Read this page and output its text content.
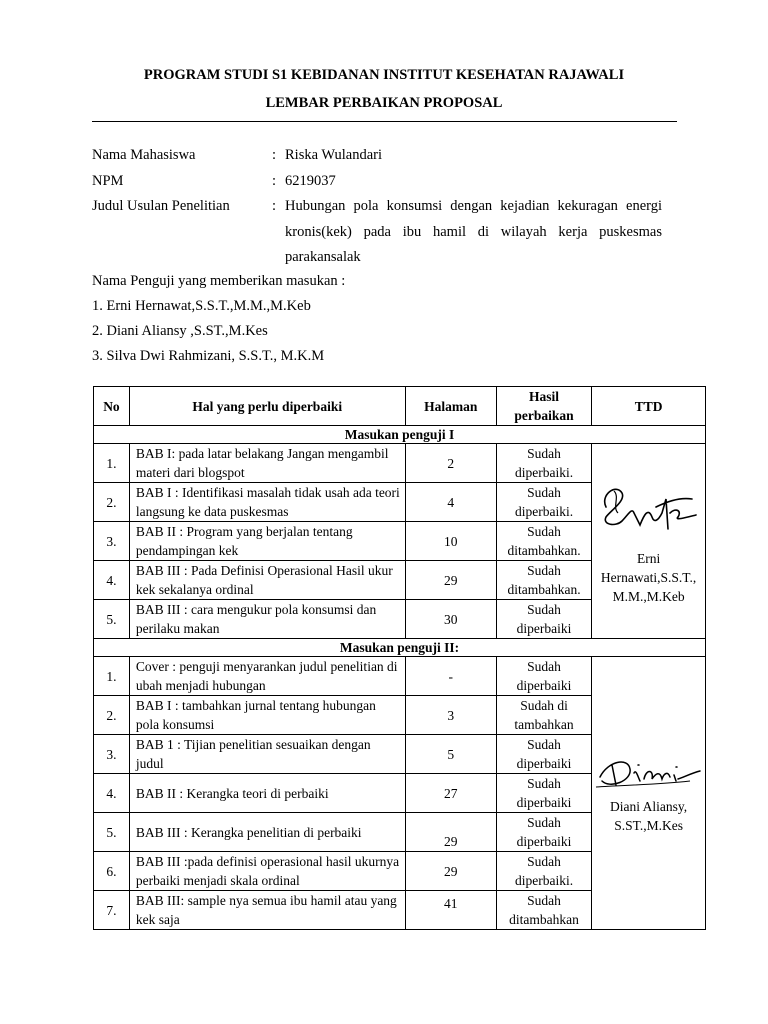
PROGRAM STUDI S1 KEBIDANAN INSTITUT KESEHATAN RAJAWALI
LEMBAR PERBAIKAN PROPOSAL
Nama Mahasiswa	: Riska Wulandari
NPM	: 6219037
Judul Usulan Penelitian	: Hubungan pola konsumsi dengan kejadian kekuragan energi kronis(kek) pada ibu hamil di wilayah kerja puskesmas parakansalak
Nama Penguji yang memberikan masukan :
1. Erni Hernawat,S.S.T.,M.M.,M.Keb
2. Diani Aliansy ,S.ST.,M.Kes
3. Silva Dwi Rahmizani, S.S.T., M.K.M
No	Hal yang perlu diperbaiki	Halaman	Hasil perbaikan	TTD
Masukan penguji I				
1.	BAB I: pada latar belakang Jangan mengambil materi dari blogspot	2	Sudah diperbaiki.	Erni Hernawati,S.S.T., M.M.,M.Keb

2.	BAB I : Identifikasi masalah tidak usah ada teori langsung ke data puskesmas	4	Sudah diperbaiki.	
3.	BAB II : Program yang berjalan tentang pendampingan kek	10	Sudah ditambahkan.	
4.	BAB III : Pada Definisi Operasional Hasil ukur kek sekalanya ordinal	29	Sudah ditambahkan.	
5.	BAB III : cara mengukur pola konsumsi dan perilaku makan	30	Sudah diperbaiki	
Masukan penguji II:				
1.	Cover : penguji menyarankan judul penelitian di ubah menjadi hubungan	-	Sudah diperbaiki	Diani Aliansy, S.ST.,M.Kes

2.	BAB I : tambahkan jurnal tentang hubungan pola konsumsi	3	Sudah di tambahkan	
3.	BAB 1 : Tijian penelitian sesuaikan dengan judul	5	Sudah diperbaiki	
4.	BAB II : Kerangka teori di perbaiki	27	Sudah diperbaiki	
5.	BAB III : Kerangka penelitian di perbaiki	29	Sudah diperbaiki	
6.	BAB III :pada definisi operasional hasil ukurnya perbaiki menjadi skala ordinal	29	Sudah diperbaiki.	
7.	BAB III: sample nya semua ibu hamil atau yang kek saja	41	Sudah ditambahkan	
